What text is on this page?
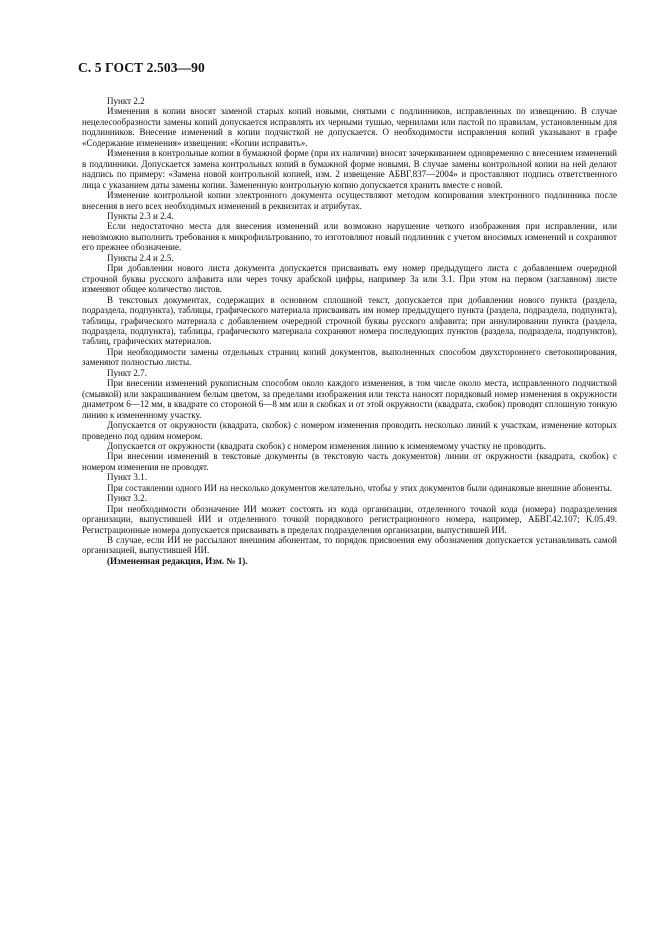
С. 5 ГОСТ 2.503—90

Пункт 2.2

Изменения в копии вносят заменой старых копий новыми, снятыми с подлинников, исправленных по извещению. В случае нецелесообразности замены копий допускается исправлять их черными тушью, чернилами или пастой по правилам, установленным для подлинников. Внесение изменений в копии подчисткой не допускается. О необходимости исправления копий указывают в графе «Содержание изменения» извещения: «Копии исправить».

Изменения в контрольные копии в бумажной форме (при их наличии) вносят зачеркиванием одновременно с внесением изменений в подлинники. Допускается замена контрольных копий в бумажной форме новыми. В случае замены контрольной копии на ней делают надпись по примеру: «Замена новой контрольной копией, изм. 2 извещение АБВГ.837—2004» и проставляют подпись ответственного лица с указанием даты замены копии. Замененную контрольную копию допускается хранить вместе с новой.

Изменение контрольной копии электронного документа осуществляют методом копирования электронного подлинника после внесения в него всех необходимых изменений в реквизитах и атрибутах.

Пункты 2.3 и 2.4.

Если недостаточно места для внесения изменений или возможно нарушение четкого изображения при исправлении, или невозможно выполнить требования к микрофильтрованию, то изготовляют новый подлинник с учетом вносимых изменений и сохраняют его прежнее обозначение.

Пункты 2.4 и 2.5.

При добавлении нового листа документа допускается присваивать ему номер предыдущего листа с добавлением очередной строчной буквы русского алфавита или через точку арабской цифры, например 3а или 3.1. При этом на первом (заглавном) листе изменяют общее количество листов.

В текстовых документах, содержащих в основном сплошной текст, допускается при добавлении нового пункта (раздела, подраздела, подпункта), таблицы, графического материала присваивать им номер предыдущего пункта (раздела, подраздела, подпункта), таблицы, графического материала с добавлением очередной строчной буквы русского алфавита; при аннулировании пункта (раздела, подраздела, подпункта), таблицы, графического материала сохраняют номера последующих пунктов (раздела, подраздела, подпунктов), таблиц, графических материалов.

При необходимости замены отдельных страниц копий документов, выполненных способом двухстороннего светокопирования, заменяют полностью листы.

Пункт 2.7.

При внесении изменений рукописным способом около каждого изменения, в том числе около места, исправленного подчисткой (смывкой) или закрашиванием белым цветом, за пределами изображения или текста наносят порядковый номер изменения в окружности диаметром 6—12 мм, в квадрате со стороной 6—8 мм или в скобках и от этой окружности (квадрата, скобок) проводят сплошную тонкую линию к измененному участку.

Допускается от окружности (квадрата, скобок) с номером изменения проводить несколько линий к участкам, изменение которых проведено под одним номером.

Допускается от окружности (квадрата скобок) с номером изменения линию к изменяемому участку не проводить.

При внесении изменений в текстовые документы (в текстовую часть документов) линии от окружности (квадрата, скобок) с номером изменения не проводят.

Пункт 3.1.

При составлении одного ИИ на несколько документов желательно, чтобы у этих документов были одинаковые внешние абоненты.

Пункт 3.2.

При необходимости обозначение ИИ может состоять из кода организации, отделенного точкой кода (номера) подразделения организации, выпустившей ИИ и отделенного точкой порядкового регистрационного номера, например, АБВГ.42.107; К.05.49. Регистрационные номера допускается присваивать в пределах подразделения организации, выпустившей ИИ.

В случае, если ИИ не рассылают внешним абонентам, то порядок присвоения ему обозначения допускается устанавливать самой организацией, выпустившей ИИ.

(Измененная редакция, Изм. № 1).
